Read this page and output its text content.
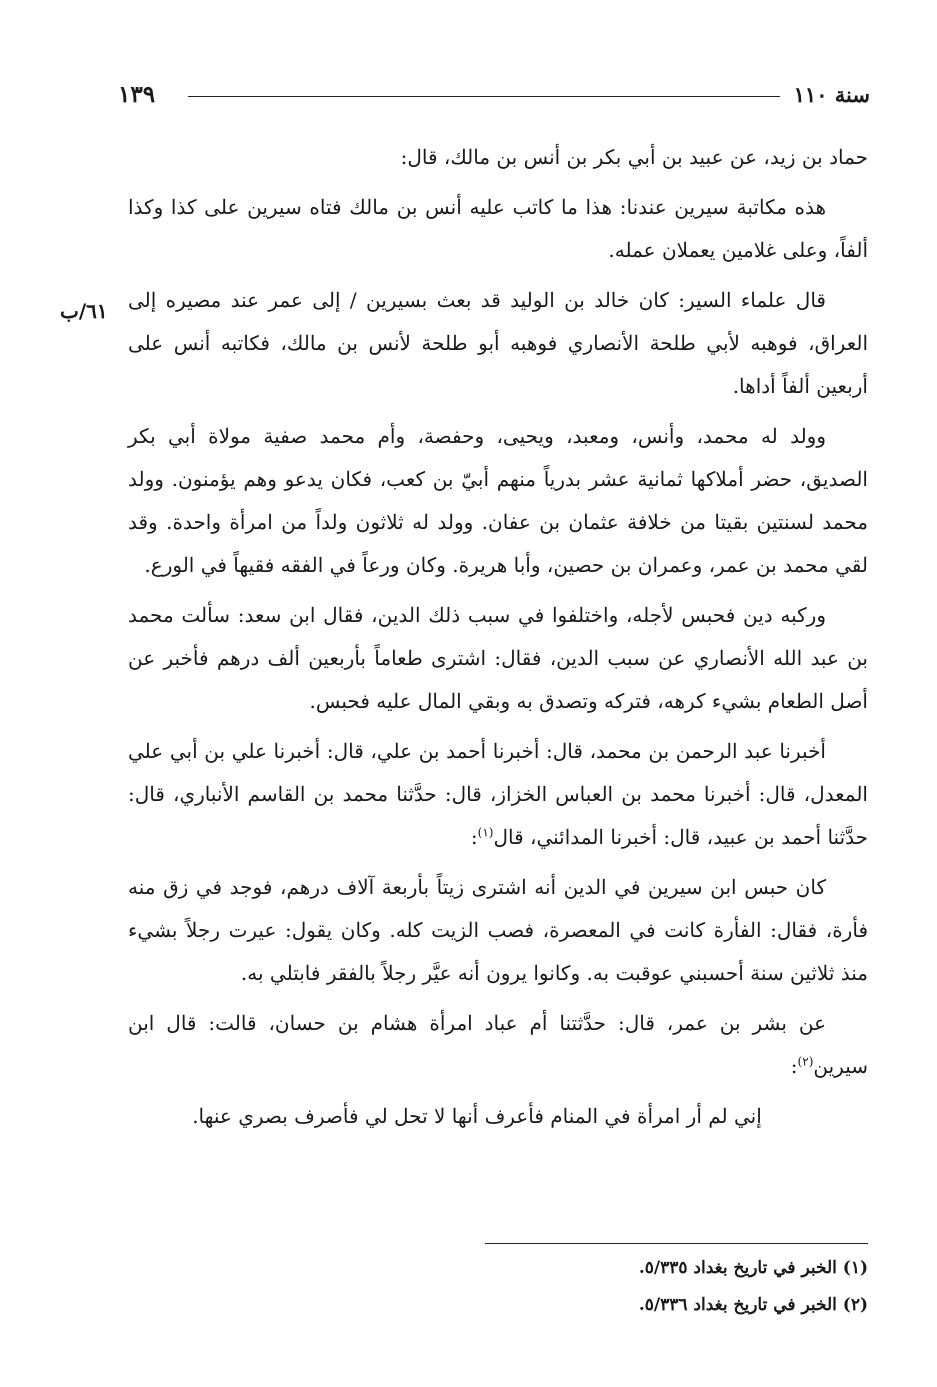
سنة ١١٠
١٣٩
٦١/ب

حماد بن زيد، عن عبيد بن أبي بكر بن أنس بن مالك، قال:

هذه مكاتبة سيرين عندنا: هذا ما كاتب عليه أنس بن مالك فتاه سيرين على كذا وكذا ألفاً، وعلى غلامين يعملان عمله.

قال علماء السير: كان خالد بن الوليد قد بعث بسيرين / إلى عمر عند مصيره إلى العراق، فوهبه لأبي طلحة الأنصاري فوهبه أبو طلحة لأنس بن مالك، فكاتبه أنس على أربعين ألفاً أداها.

وولد له محمد، وأنس، ومعبد، ويحيى، وحفصة، وأم محمد صفية مولاة أبي بكر الصديق، حضر أملاكها ثمانية عشر بدرياً منهم أبيّ بن كعب، فكان يدعو وهم يؤمنون. وولد محمد لسنتين بقيتا من خلافة عثمان بن عفان. وولد له ثلاثون ولداً من امرأة واحدة. وقد لقي محمد بن عمر، وعمران بن حصين، وأبا هريرة. وكان ورعاً في الفقه فقيهاً في الورع.

وركبه دين فحبس لأجله، واختلفوا في سبب ذلك الدين، فقال ابن سعد: سألت محمد بن عبد الله الأنصاري عن سبب الدين، فقال: اشترى طعاماً بأربعين ألف درهم فأخبر عن أصل الطعام بشيء كرهه، فتركه وتصدق به وبقي المال عليه فحبس.

أخبرنا عبد الرحمن بن محمد، قال: أخبرنا أحمد بن علي، قال: أخبرنا علي بن أبي علي المعدل، قال: أخبرنا محمد بن العباس الخزاز، قال: حدَّثنا محمد بن القاسم الأنباري، قال: حدَّثنا أحمد بن عبيد، قال: أخبرنا المدائني، قال$^{(١)}$:

كان حبس ابن سيرين في الدين أنه اشترى زيتاً بأربعة آلاف درهم، فوجد في زق منه فأرة، فقال: الفأرة كانت في المعصرة، فصب الزيت كله. وكان يقول: عيرت رجلاً بشيء منذ ثلاثين سنة أحسبني عوقبت به. وكانوا يرون أنه عيَّر رجلاً بالفقر فابتلي به.

عن بشر بن عمر، قال: حدَّثتنا أم عباد امرأة هشام بن حسان، قالت: قال ابن سيرين$^{(٢)}$:

إني لم أر امرأة في المنام فأعرف أنها لا تحل لي فأصرف بصري عنها.

(١) الخبر في تاريخ بغداد ٥/٣٣٥.
(٢) الخبر في تاريخ بغداد ٥/٣٣٦.
